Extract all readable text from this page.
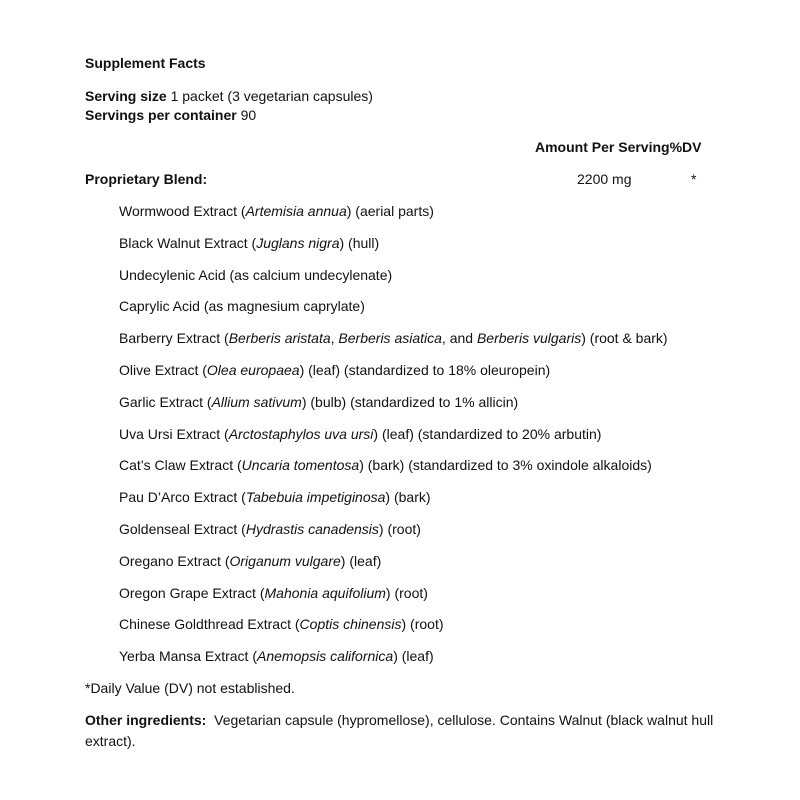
Supplement Facts
Serving size 1 packet (3 vegetarian capsules)
Servings per container 90
Amount Per Serving%DV
Proprietary Blend:	2200 mg	*
Wormwood Extract (Artemisia annua) (aerial parts)
Black Walnut Extract (Juglans nigra) (hull)
Undecylenic Acid (as calcium undecylenate)
Caprylic Acid (as magnesium caprylate)
Barberry Extract (Berberis aristata, Berberis asiatica, and Berberis vulgaris) (root & bark)
Olive Extract (Olea europaea) (leaf) (standardized to 18% oleuropein)
Garlic Extract (Allium sativum) (bulb) (standardized to 1% allicin)
Uva Ursi Extract (Arctostaphylos uva ursi) (leaf) (standardized to 20% arbutin)
Cat’s Claw Extract (Uncaria tomentosa) (bark) (standardized to 3% oxindole alkaloids)
Pau D’Arco Extract (Tabebuia impetiginosa) (bark)
Goldenseal Extract (Hydrastis canadensis) (root)
Oregano Extract (Origanum vulgare) (leaf)
Oregon Grape Extract (Mahonia aquifolium) (root)
Chinese Goldthread Extract (Coptis chinensis) (root)
Yerba Mansa Extract (Anemopsis californica) (leaf)
*Daily Value (DV) not established.
Other ingredients: Vegetarian capsule (hypromellose), cellulose. Contains Walnut (black walnut hull extract).
